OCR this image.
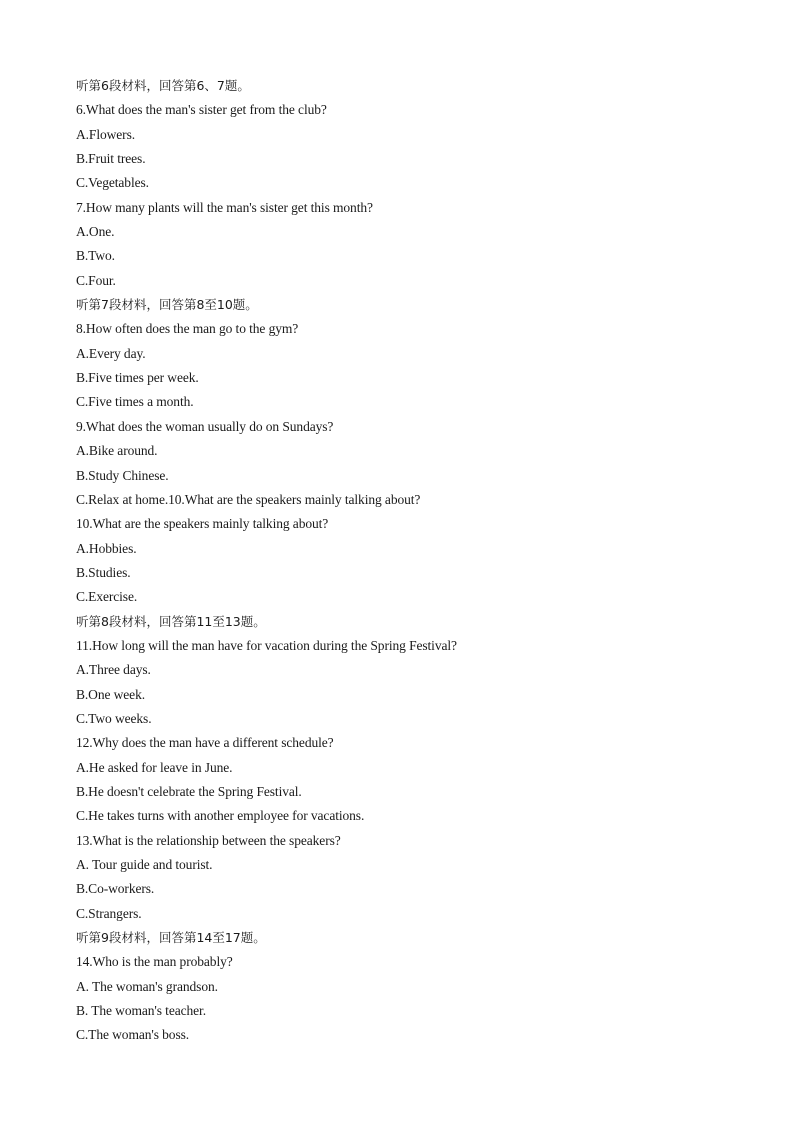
听第6段材料，回答第6、7题。
6.What does the man's sister get from the club?
A.Flowers.
B.Fruit trees.
C.Vegetables.
7.How many plants will the man's sister get this month?
A.One.
B.Two.
C.Four.
听第7段材料，回答第8至10题。
8.How often does the man go to the gym?
A.Every day.
B.Five times per week.
C.Five times a month.
9.What does the woman usually do on Sundays?
A.Bike around.
B.Study Chinese.
C.Relax at home.10.What are the speakers mainly talking about?
10.What are the speakers mainly talking about?
A.Hobbies.
B.Studies.
C.Exercise.
听第8段材料，回答第11至13题。
11.How long will the man have for vacation during the Spring Festival?
A.Three days.
B.One week.
C.Two weeks.
12.Why does the man have a different schedule?
A.He asked for leave in June.
B.He doesn't celebrate the Spring Festival.
C.He takes turns with another employee for vacations.
13.What is the relationship between the speakers?
A. Tour guide and tourist.
B.Co-workers.
C.Strangers.
听第9段材料，回答第14至17题。
14.Who is the man probably?
A. The woman's grandson.
B. The woman's teacher.
C.The woman's boss.
